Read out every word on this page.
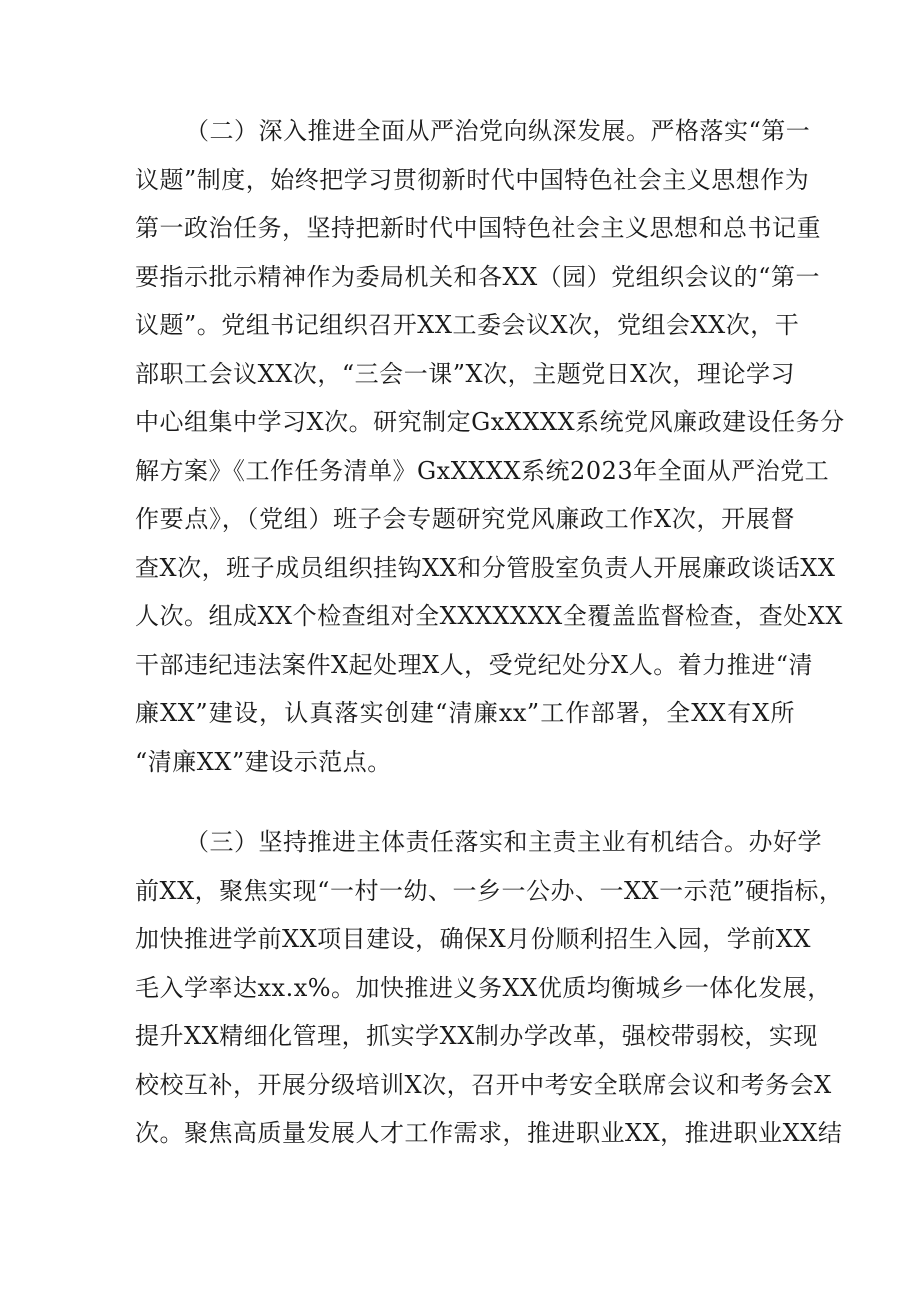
（二）深入推进全面从严治党向纵深发展。严格落实“第一
议题”制度，始终把学习贯彻新时代中国特色社会主义思想作为
第一政治任务，坚持把新时代中国特色社会主义思想和总书记重
要指示批示精神作为委局机关和各XX（园）党组织会议的“第一
议题”。党组书记组织召开XX工委会议X次，党组会XX次，干
部职工会议XX次，“三会一课”X次，主题党日X次，理论学习
中心组集中学习X次。研究制定GxXXXX系统党风廉政建设任务分
解方案》《工作任务清单》GxXXXX系统2023年全面从严治党工
作要点》，（党组）班子会专题研究党风廉政工作X次，开展督
查X次，班子成员组织挂钩XX和分管股室负责人开展廉政谈话XX
人次。组成XX个检查组对全XXXXXXX全覆盖监督检查，查处XX
干部违纪违法案件X起处理X人，受党纪处分X人。着力推进“清
廉XX”建设，认真落实创建“清廉xx”工作部署，全XX有X所
“清廉XX”建设示范点。
（三）坚持推进主体责任落实和主责主业有机结合。办好学
前XX，聚焦实现“一村一幼、一乡一公办、一XX一示范”硬指标，
加快推进学前XX项目建设，确保X月份顺利招生入园，学前XX
毛入学率达xx.x%。加快推进义务XX优质均衡城乡一体化发展，
提升XX精细化管理，抓实学XX制办学改革，强校带弱校，实现
校校互补，开展分级培训X次，召开中考安全联席会议和考务会X
次。聚焦高质量发展人才工作需求，推进职业XX，推进职业XX结
